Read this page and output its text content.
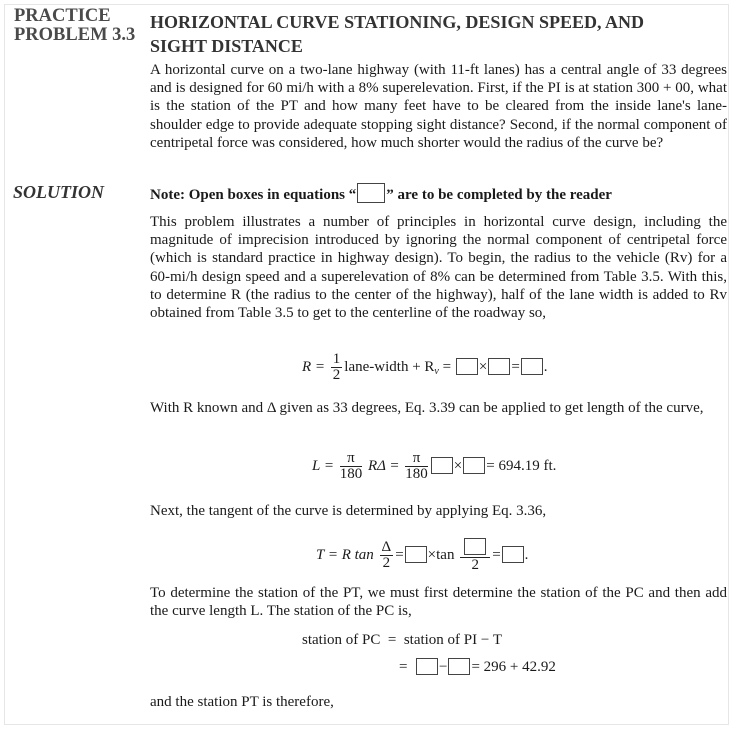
PRACTICE
PROBLEM 3.3
HORIZONTAL CURVE STATIONING, DESIGN SPEED, AND
SIGHT DISTANCE
A horizontal curve on a two-lane highway (with 11-ft lanes) has a central angle of 33 degrees and is designed for 60 mi/h with a 8% superelevation. First, if the PI is at station 300 + 00, what is the station of the PT and how many feet have to be cleared from the inside lane's lane-shoulder edge to provide adequate stopping sight distance? Second, if the normal component of centripetal force was considered, how much shorter would the radius of the curve be?
SOLUTION	Note: Open boxes in equations “ ” are to be completed by the reader
This problem illustrates a number of principles in horizontal curve design, including the magnitude of imprecision introduced by ignoring the normal component of centripetal force (which is standard practice in highway design). To begin, the radius to the vehicle (Rv) for a 60-mi/h design speed and a superelevation of 8% can be determined from Table 3.5. With this, to determine R (the radius to the center of the highway), half of the lane width is added to Rv obtained from Table 3.5 to get to the centerline of the roadway so,
$R = \frac{1}{2}$ lane-width + $R_v$ = × = .
With R known and Δ given as 33 degrees, Eq. 3.39 can be applied to get length of the curve,
$L = \frac{\pi}{180}$ $R\Delta = \frac{\pi}{180}$ × = 694.19 ft.
Next, the tangent of the curve is determined by applying Eq. 3.36,
T = R $\tan \frac{\Delta}{2} = \times\tan$
2
= .
To determine the station of the PT, we must first determine the station of the PC and then add the curve length L. The station of the PC is,
station of PC  =  station of PI − T
=  − = 296 + 42.92
and the station PT is therefore,
